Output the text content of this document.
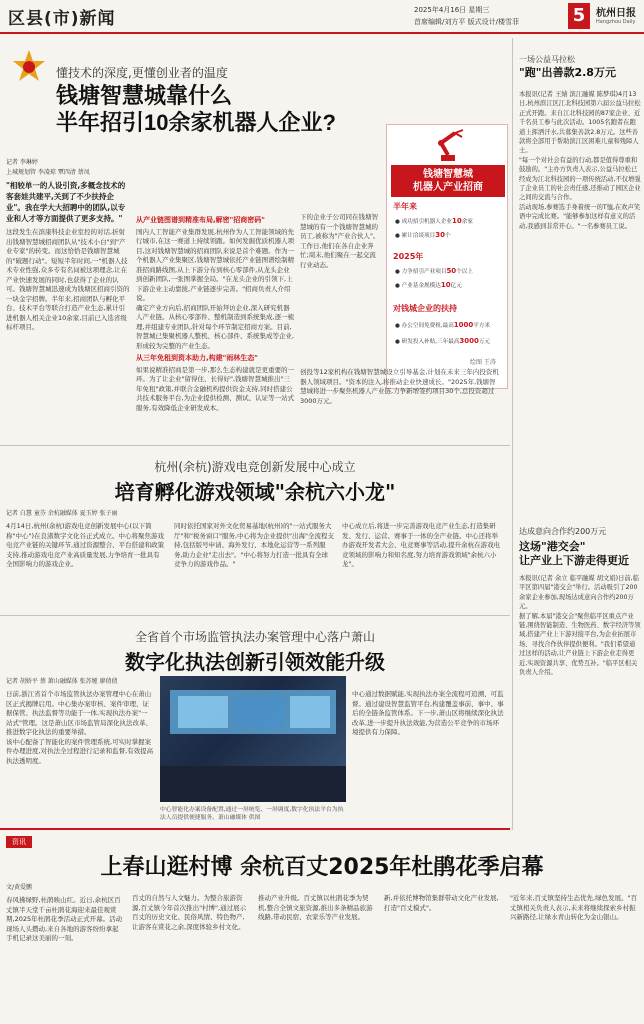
区县(市)新闻	2025年4月16日 星期三
首席编辑/刘方平 版式设计/楼雪菲	5	杭州日报
Hangzhou Daily
懂技术的深度,更懂创业者的温度
钱塘智慧城靠什么
半年招引10余家机器人企业?
记者 李琳婷
上城规划管 李凌琼 覃四清 蔡凤
"相较单一的人设引资,多概念技术的客套娃共建平,关到了不少扶持企业"。我在学大大招聘中的团队,以专业和人才等方面提供了更多支持。"
这段发生在滨康科技企业室控的对话,折射出钱塘智慧城招商团队从"技术小白"到"产业专家"的转变。而这恰恰是钱塘智慧城的"破题行动"。短短半年时间,一"机器人技术专业性强,众多专有名词被这项理念,让在产业快速发展的同时,也获得了企业的认可。钱塘智慧城迅速成为钱塘区招商引资的一块金字招牌。半年来,招商团队与孵化平台、技术平台等联合打造产业生态,累计引进机器人相关企业10余家,目前已入选省级标杆项目。
从产业链图谱到精准布局,解密"招商密码"
国内人工智能产业集群发展,杭州作为人工智能领域的先行城市,在这一赛道上持续领跑。如何发掘优质机器人项目,这对钱塘智慧城的招商团队来说是首个难题。作为一个机器人产业集聚区,钱塘智慧城依托产业链图谱绘制精准招商路线图,从上下游分布到核心零部件,从龙头企业到创新团队,一张图掌握全局。"在龙头企业的引领下,上下游企业主动靠拢,产业链逐步完善。"招商负责人介绍说。
确定产业方向后,招商团队开始拜访企业,深入研究机器人产业链。从核心零部件、整机制造到系统集成,逐一梳理,并组建专业团队,针对每个环节制定招商方案。目前,智慧城已集聚机器人整机、核心部件、系统集成等企业,形成较为完整的产业生态。
从三年免租到资本助力,构建"雨林生态"
如果说精准招商是第一步,那么生态构建就是更重要的一环。为了让企业"留得住、长得好",钱塘智慧城推出"三年免租"政策,并联合金融机构提供资金支持,同时搭建公共技术服务平台,为企业提供检测、测试、认证等一站式服务,有效降低企业研发成本。
下的企业子公司同在钱塘智慧城的有一个钱塘智慧城的员工,被称为"产业合伙人"。工作日,他们在各自企业奔忙;周末,他们聚在一起交流行业动态。
钱塘智慧城
机器人产业招商
半年来
● 成功招引机器人企业10余家
● 累计洽谈项目30个
2025年
● 力争招引产业项目50个以上
● 产业基金规模达10亿元
对钱城企业的扶持
● 办公空间免费租,最高1000平方米
● 研发投入补贴,三年最高3000万元
绘图 王涛
创投等12家机构在钱塘智慧城设立引导基金,计划在未来三年内投资机器人领域项目。"资本的注入,将推动企业快速成长。"2025年,钱塘智慧城将进一步聚焦机器人产业链,力争新增签约项目30个,总投资超过3000万元。
杭州(余杭)游戏电竞创新发展中心成立
培育孵化游戏领域"余杭六小龙"
记者 白慧 童芬 余杭融媒体 夏玉婷 张子丽
4月14日,杭州(余杭)游戏电竞创新发展中心(以下简称"中心")在良渚数字文化谷正式成立。中心将聚焦游戏电竞产业链的关键环节,通过资源整合、平台搭建和政策支持,推动游戏电竞产业高质量发展,力争培育一批具有全国影响力的游戏企业。
同时依托国家对外文化贸易基地(杭州)的"一站式服务大厅"和"税务窗口"服务,中心将为企业提供"出海"全流程支持,包括版号申请、海外发行、本地化运营等一系列服务,助力企业"走出去"。"中心将努力打造一批具有全球竞争力的游戏作品。"
中心成立后,将进一步完善游戏电竞产业生态,打造集研发、发行、运营、赛事于一体的全产业链。中心还将举办游戏开发者大会、电竞赛事等活动,提升余杭在游戏电竞领域的影响力和知名度,努力培育游戏领域"余杭六小龙"。
全省首个市场监管执法办案管理中心落户萧山
数字化执法创新引领效能升级
记者 胡娇平 蔡 萧山融媒体 张苏娅 廖倩倩
日前,浙江省首个市场监管执法办案管理中心在萧山区正式揭牌启用。中心集办案审核、案件审理、证据保管、执法监督等功能于一体,实现执法办案"一站式"管理。这是萧山区市场监管局深化执法改革、推进数字化执法的重要举措。
该中心配备了智能化的案件管理系统,可实时掌握案件办理进度,对执法全过程进行记录和监督,有效提高执法透明度。
中心智能化办案设备配置,通过一屏统览、一屏调度,数字化执法平台为执法人员提供便捷服务。萧山融媒体 供图
中心通过数据赋能,实现执法办案全流程可追溯、可监督。通过建设智慧监管平台,构建覆盖事前、事中、事后的全链条监管体系。下一步,萧山区将继续深化执法改革,进一步提升执法效能,为营造公平竞争的市场环境提供有力保障。
一场公益马拉松
"跑"出善款2.8万元
本报讯(记者 王婧 滨江融媒 陈梦琪)4月13日,杭州滨江区江北科技园第六届公益马拉松正式开跑。来自江北科技园的87家企业、近千名员工参与此次活动。1005名跑者在跑道上挥洒汗水,共募集善款2.8万元。这些善款将全部用于帮助滨江区困难儿童和残障人士。
"每一个对社会有益的行动,都是值得尊重和鼓励的。"主办方负责人表示,公益马拉松已经成为江北科技园的一项传统活动,不仅增强了企业员工的社会责任感,还推动了园区企业之间的交流与合作。
活动现场,参赛选手身着统一的T恤,在欢声笑语中完成比赛。"能够参加这样有意义的活动,我感到非常开心。"一名参赛员工说。
达成意向合作约200万元
这场"港交会"
让产业上下游走得更近
本报讯(记者 余立 临平融媒 胡文娟)日前,临平区第四届"港交会"举行。活动吸引了200余家企业参加,现场达成意向合作约200万元。
据了解,本届"港交会"聚焦临平区重点产业链,围绕智能制造、生物医药、数字经济等领域,搭建产业上下游对接平台,为企业拓展市场、寻找合作伙伴提供便利。"我们希望通过这样的活动,让产业链上下游企业走得更近,实现资源共享、优势互补。"临平区相关负责人介绍。
资讯
上春山逛村博 余杭百丈2025年杜鹃花季启幕
文/黄爱鹏
春风拂绿野,杜鹃映山红。近日,余杭区百丈镇半天堂千亩杜鹃花海迎来最佳观赏期,2025年杜鹃花季活动正式开幕。活动现场人头攒动,来自各地的游客纷纷拿起手机记录这美丽的一刻。
百丈的自然与人文魅力。为整合旅游资源,百丈镇今年首次推出"村博",通过展示百丈的历史文化、民俗风情、特色物产,让游客在赏花之余,深度体验乡村文化。
推动产业升级。百丈镇以杜鹃花季为契机,整合全镇文旅资源,推出多条精品旅游线路,带动民宿、农家乐等产业发展。
新,并依托博物馆集群带动文化产业发展,打造"百丈模式"。
"近年来,百丈镇坚持生态优先,绿色发展。"百丈镇相关负责人表示,未来将继续探索乡村振兴新路径,让绿水青山转化为金山银山。
